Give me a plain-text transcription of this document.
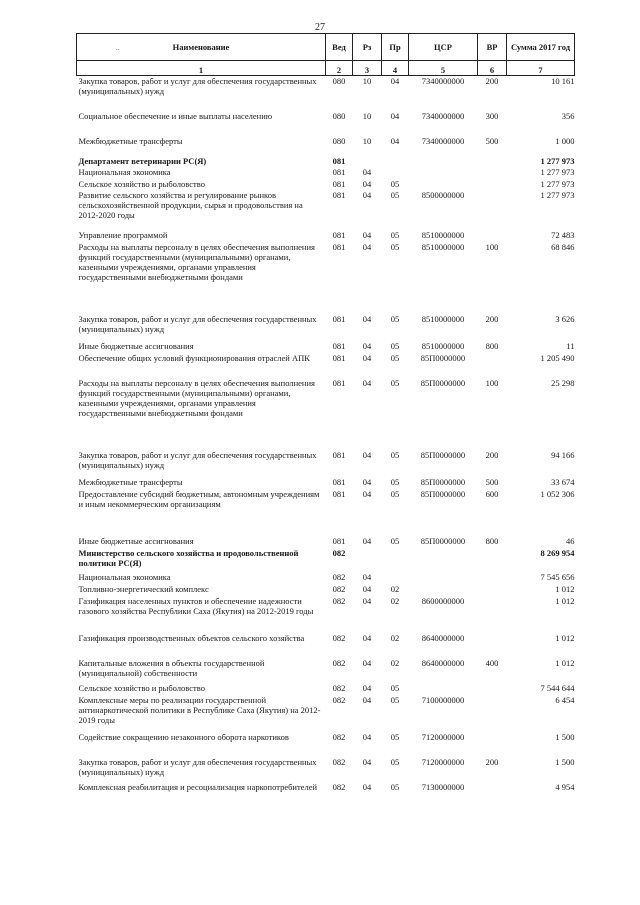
27
..	Наименование	Вед	Рз	Пр	ЦСР	ВР	Сумма 2017 год
1	2	3	4	5	6	7
Закупка товаров, работ и услуг для обеспечения государственных (муниципальных) нужд	080	10	04	7340000000	200	10 161
Социальное обеспечение и иные выплаты населению	080	10	04	7340000000	300	356
Межбюджетные трансферты	080	10	04	7340000000	500	1 000
Департамент ветеринарии РС(Я)	081					1 277 973
Национальная экономика	081	04				1 277 973
Сельское хозяйство и рыболовство	081	04	05			1 277 973
Развитие сельского хозяйства и регулирование рынков сельскохозяйственной продукции, сырья и продовольствия на 2012-2020 годы	081	04	05	8500000000		1 277 973
Управление программой	081	04	05	8510000000		72 483
Расходы на выплаты персоналу в целях обеспечения выполнения функций государственными (муниципальными) органами, казенными учреждениями, органами управления государственными внебюджетными фондами	081	04	05	8510000000	100	68 846
Закупка товаров, работ и услуг для обеспечения государственных (муниципальных) нужд	081	04	05	8510000000	200	3 626
Иные бюджетные ассигнования	081	04	05	8510000000	800	11
Обеспечение общих условий функционирования отраслей АПК	081	04	05	85П0000000		1 205 490
Расходы на выплаты персоналу в целях обеспечения выполнения функций государственными (муниципальными) органами, казенными учреждениями, органами управления государственными внебюджетными фондами	081	04	05	85П0000000	100	25 298
Закупка товаров, работ и услуг для обеспечения государственных (муниципальных) нужд	081	04	05	85П0000000	200	94 166
Межбюджетные трансферты	081	04	05	85П0000000	500	33 674
Предоставление субсидий бюджетным, автономным учреждениям и иным некоммерческим организациям	081	04	05	85П0000000	600	1 052 306
Иные бюджетные ассигнования	081	04	05	85П0000000	800	46
Министерство сельского хозяйства и продовольственной политики РС(Я)	082					8 269 954
Национальная экономика	082	04				7 545 656
Топливно-энергетический комплекс	082	04	02			1 012
Газификация населенных пунктов и обеспечение надежности газового хозяйства Республики Саха (Якутия) на 2012-2019 годы	082	04	02	8600000000		1 012
Газификация производственных объектов сельского хозяйства	082	04	02	8640000000		1 012
Капитальные вложения в объекты государственной (муниципальной) собственности	082	04	02	8640000000	400	1 012
Сельское хозяйство и рыболовство	082	04	05			7 544 644
Комплексные меры по реализации государственной антинаркотической политики в Республике Саха (Якутия) на 2012-2019 годы	082	04	05	7100000000		6 454
Содействие сокращению незаконного оборота наркотиков	082	04	05	7120000000		1 500
Закупка товаров, работ и услуг для обеспечения государственных (муниципальных) нужд	082	04	05	7120000000	200	1 500
Комплексная реабилитация и ресоциализация наркопотребителей	082	04	05	7130000000		4 954
